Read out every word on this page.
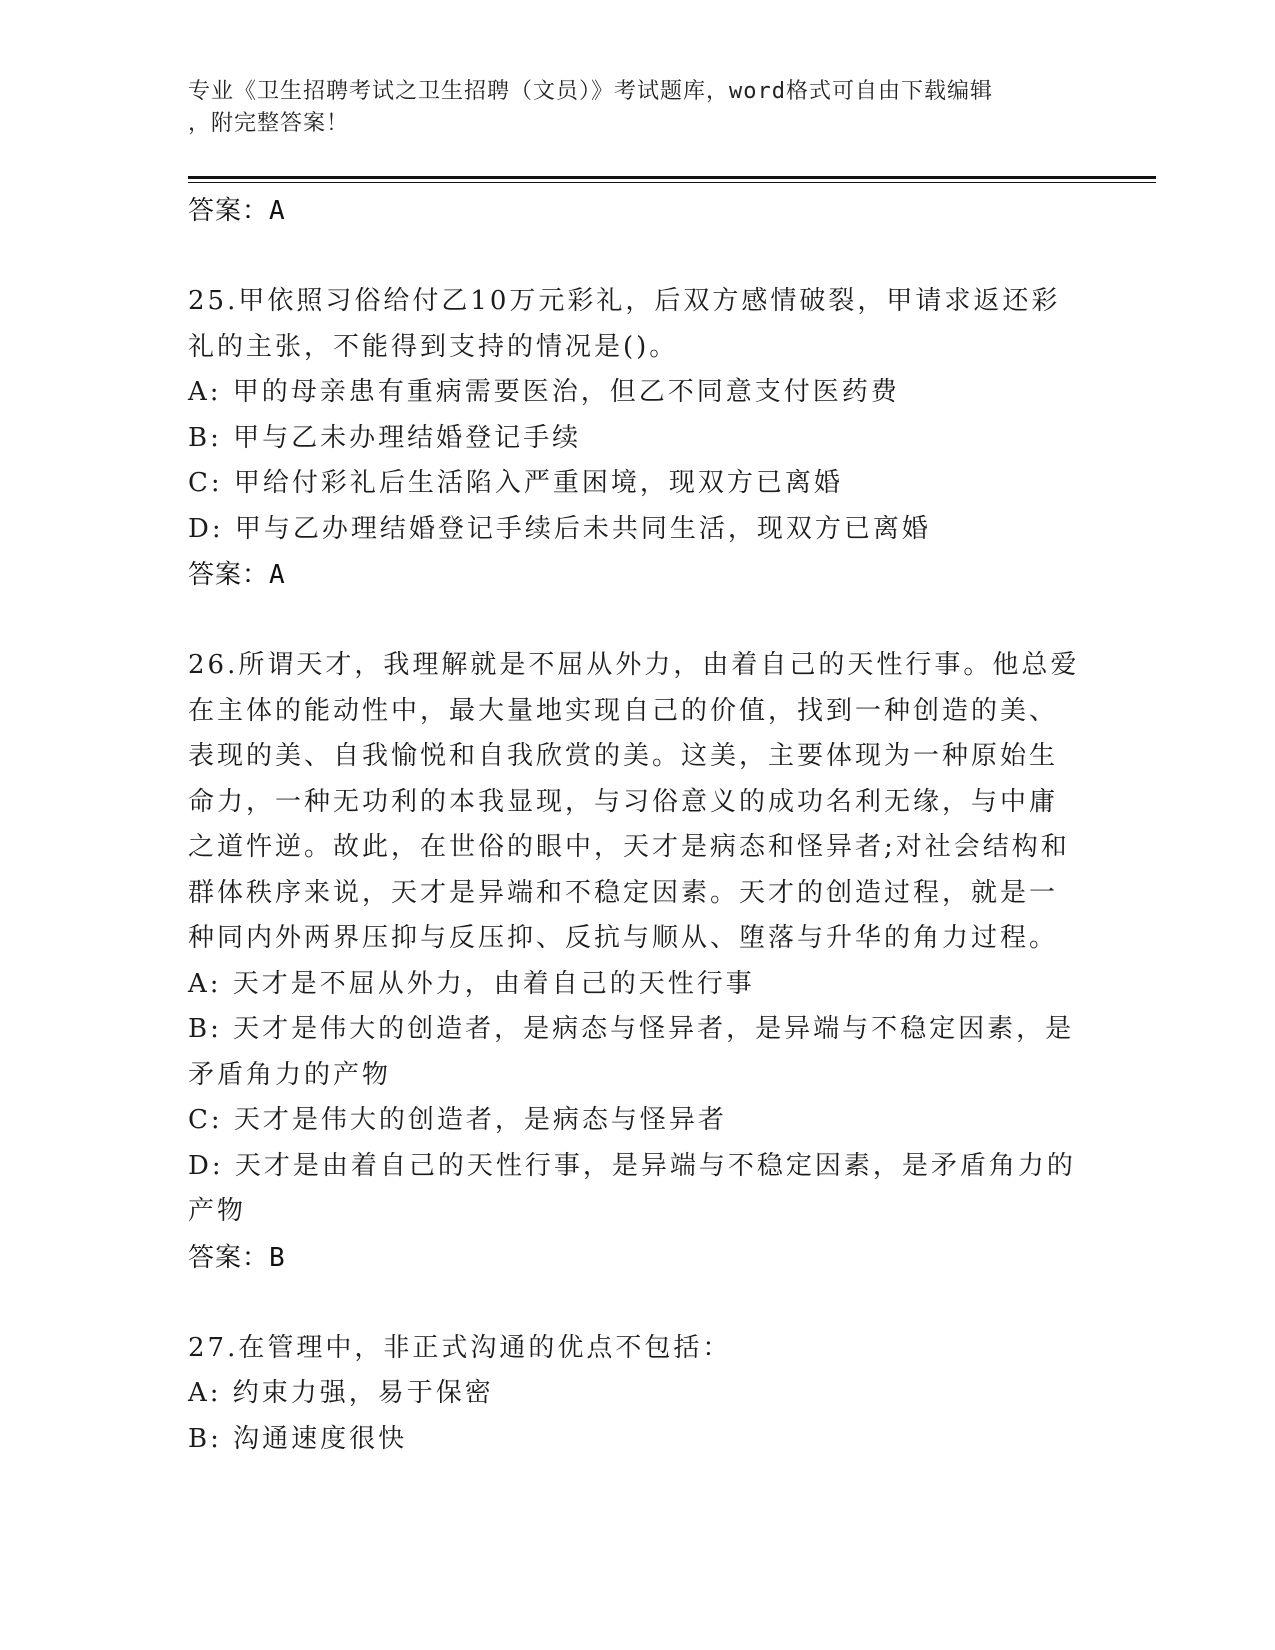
专业《卫生招聘考试之卫生招聘（文员）》考试题库，word格式可自由下载编辑
，附完整答案！
答案：A
25.甲依照习俗给付乙10万元彩礼，后双方感情破裂，甲请求返还彩
礼的主张，不能得到支持的情况是()。
A: 甲的母亲患有重病需要医治，但乙不同意支付医药费
B: 甲与乙未办理结婚登记手续
C: 甲给付彩礼后生活陷入严重困境，现双方已离婚
D: 甲与乙办理结婚登记手续后未共同生活，现双方已离婚
答案：A
26.所谓天才，我理解就是不屈从外力，由着自己的天性行事。他总爱
在主体的能动性中，最大量地实现自己的价值，找到一种创造的美、
表现的美、自我愉悦和自我欣赏的美。这美，主要体现为一种原始生
命力，一种无功利的本我显现，与习俗意义的成功名利无缘，与中庸
之道忤逆。故此，在世俗的眼中，天才是病态和怪异者;对社会结构和
群体秩序来说，天才是异端和不稳定因素。天才的创造过程，就是一
种同内外两界压抑与反压抑、反抗与顺从、堕落与升华的角力过程。
A: 天才是不屈从外力，由着自己的天性行事
B: 天才是伟大的创造者，是病态与怪异者，是异端与不稳定因素，是
矛盾角力的产物
C: 天才是伟大的创造者，是病态与怪异者
D: 天才是由着自己的天性行事，是异端与不稳定因素，是矛盾角力的
产物
答案：B
27.在管理中，非正式沟通的优点不包括：
A: 约束力强，易于保密
B: 沟通速度很快
